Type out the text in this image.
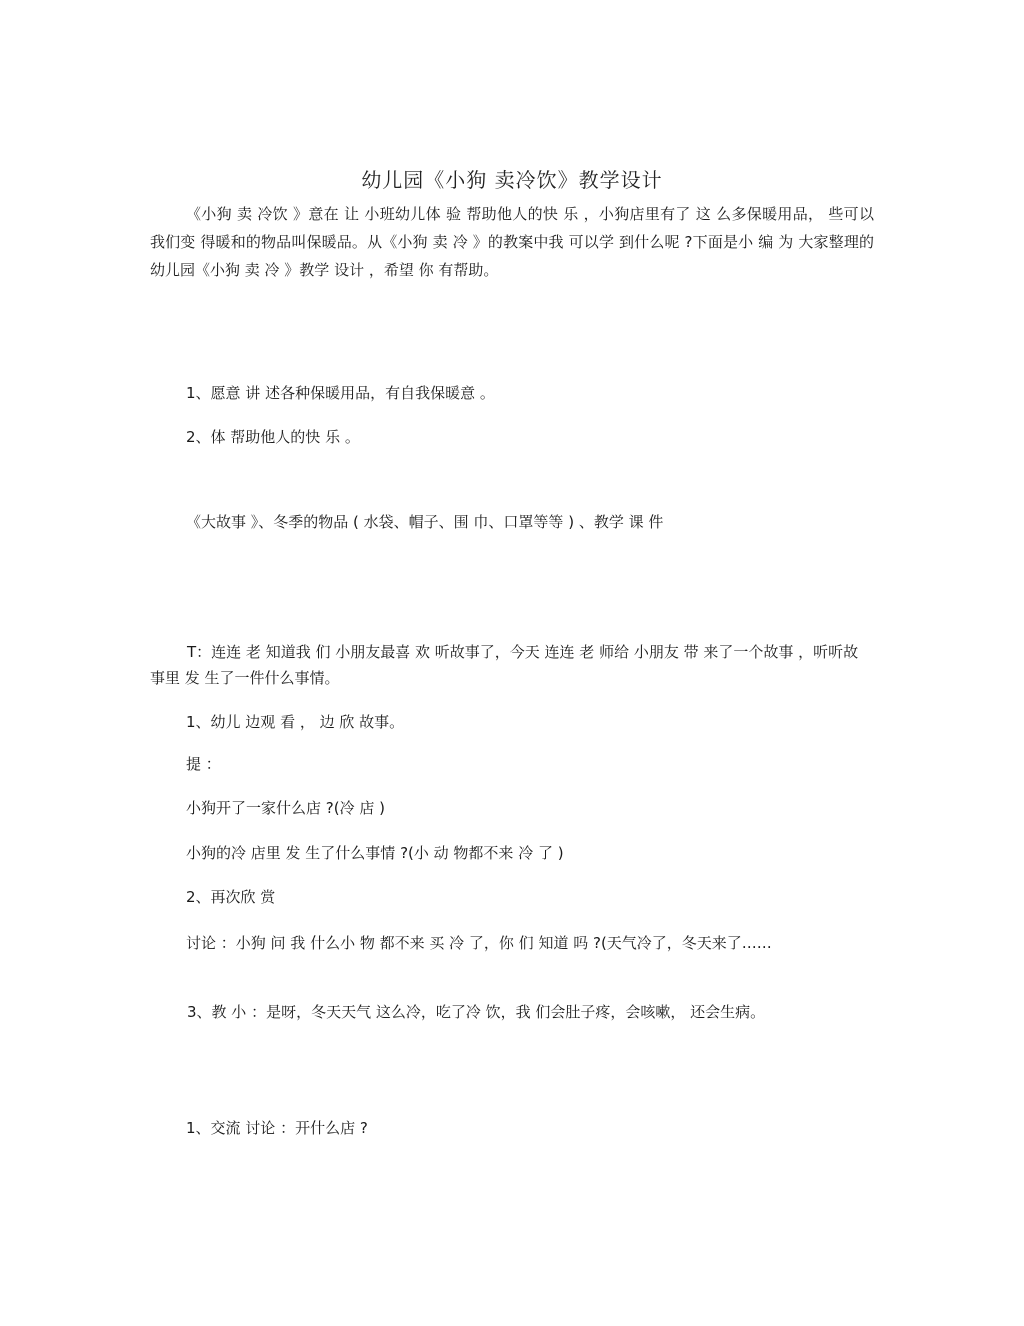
幼儿园《小狗 卖冷饮》教学设计
《小狗 卖 冷饮 》意在 让 小班幼儿体 验 帮助他人的快 乐 ，小狗店里有了 这 么多保暖用品， 些可以 我们变 得暖和的物品叫保暖品。从《小狗 卖 冷 》的教案中我 可以学 到什么呢 ?下面是小 编 为 大家整理的幼儿园《小狗 卖 冷 》教学 设计 ，希望 你 有帮助。
1、愿意 讲 述各种保暖用品，有自我保暖意 。
2、体 帮助他人的快 乐 。
《大故事 》、冬季的物品 ( 水袋、帽子、围 巾、口罩等等 ) 、教学 课 件
T：连连 老 知道我 们 小朋友最喜 欢 听故事了，今天 连连 老 师给 小朋友 带 来了一个故事 ，听听故事里 发 生了一件什么事情。
1、幼儿 边观 看 ， 边 欣 故事。
提 ：
小狗开了一家什么店 ?(冷 店 )
小狗的冷 店里 发 生了什么事情 ?(小 动 物都不来 冷 了 )
2、再次欣 赏
讨论 ：小狗 问 我 什么小 物 都不来 买 冷 了，你 们 知道 吗 ?(天气冷了，冬天来了……
3、教 小 ：是呀，冬天天气 这么冷，吃了冷 饮，我 们会肚子疼，会咳嗽， 还会生病。
1、交流 讨论 ：开什么店 ?
